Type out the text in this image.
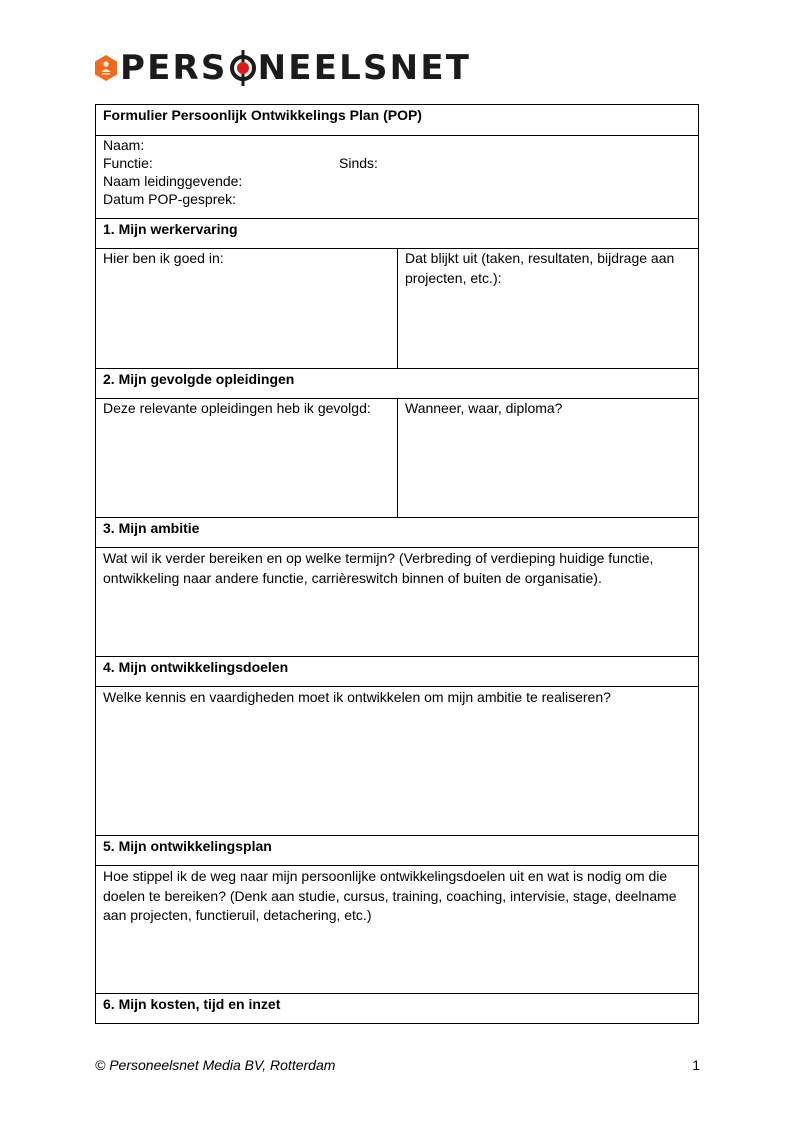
PERS NEELSNET
Formulier Persoonlijk Ontwikkelings Plan (POP)
Naam:
Functie:	Sinds:
Naam leidinggevende:
Datum POP-gesprek:
1. Mijn werkervaring
Hier ben ik goed in:	Dat blijkt uit (taken, resultaten, bijdrage aan projecten, etc.):
2. Mijn gevolgde opleidingen
Deze relevante opleidingen heb ik gevolgd:	Wanneer, waar, diploma?
3. Mijn ambitie
Wat wil ik verder bereiken en op welke termijn? (Verbreding of verdieping huidige functie, ontwikkeling naar andere functie, carrièreswitch binnen of buiten de organisatie).
4. Mijn ontwikkelingsdoelen
Welke kennis en vaardigheden moet ik ontwikkelen om mijn ambitie te realiseren?
5. Mijn ontwikkelingsplan
Hoe stippel ik de weg naar mijn persoonlijke ontwikkelingsdoelen uit en wat is nodig om die doelen te bereiken? (Denk aan studie, cursus, training, coaching, intervisie, stage, deelname aan projecten, functieruil, detachering, etc.)
6. Mijn kosten, tijd en inzet
© Personeelsnet Media BV, Rotterdam	1
